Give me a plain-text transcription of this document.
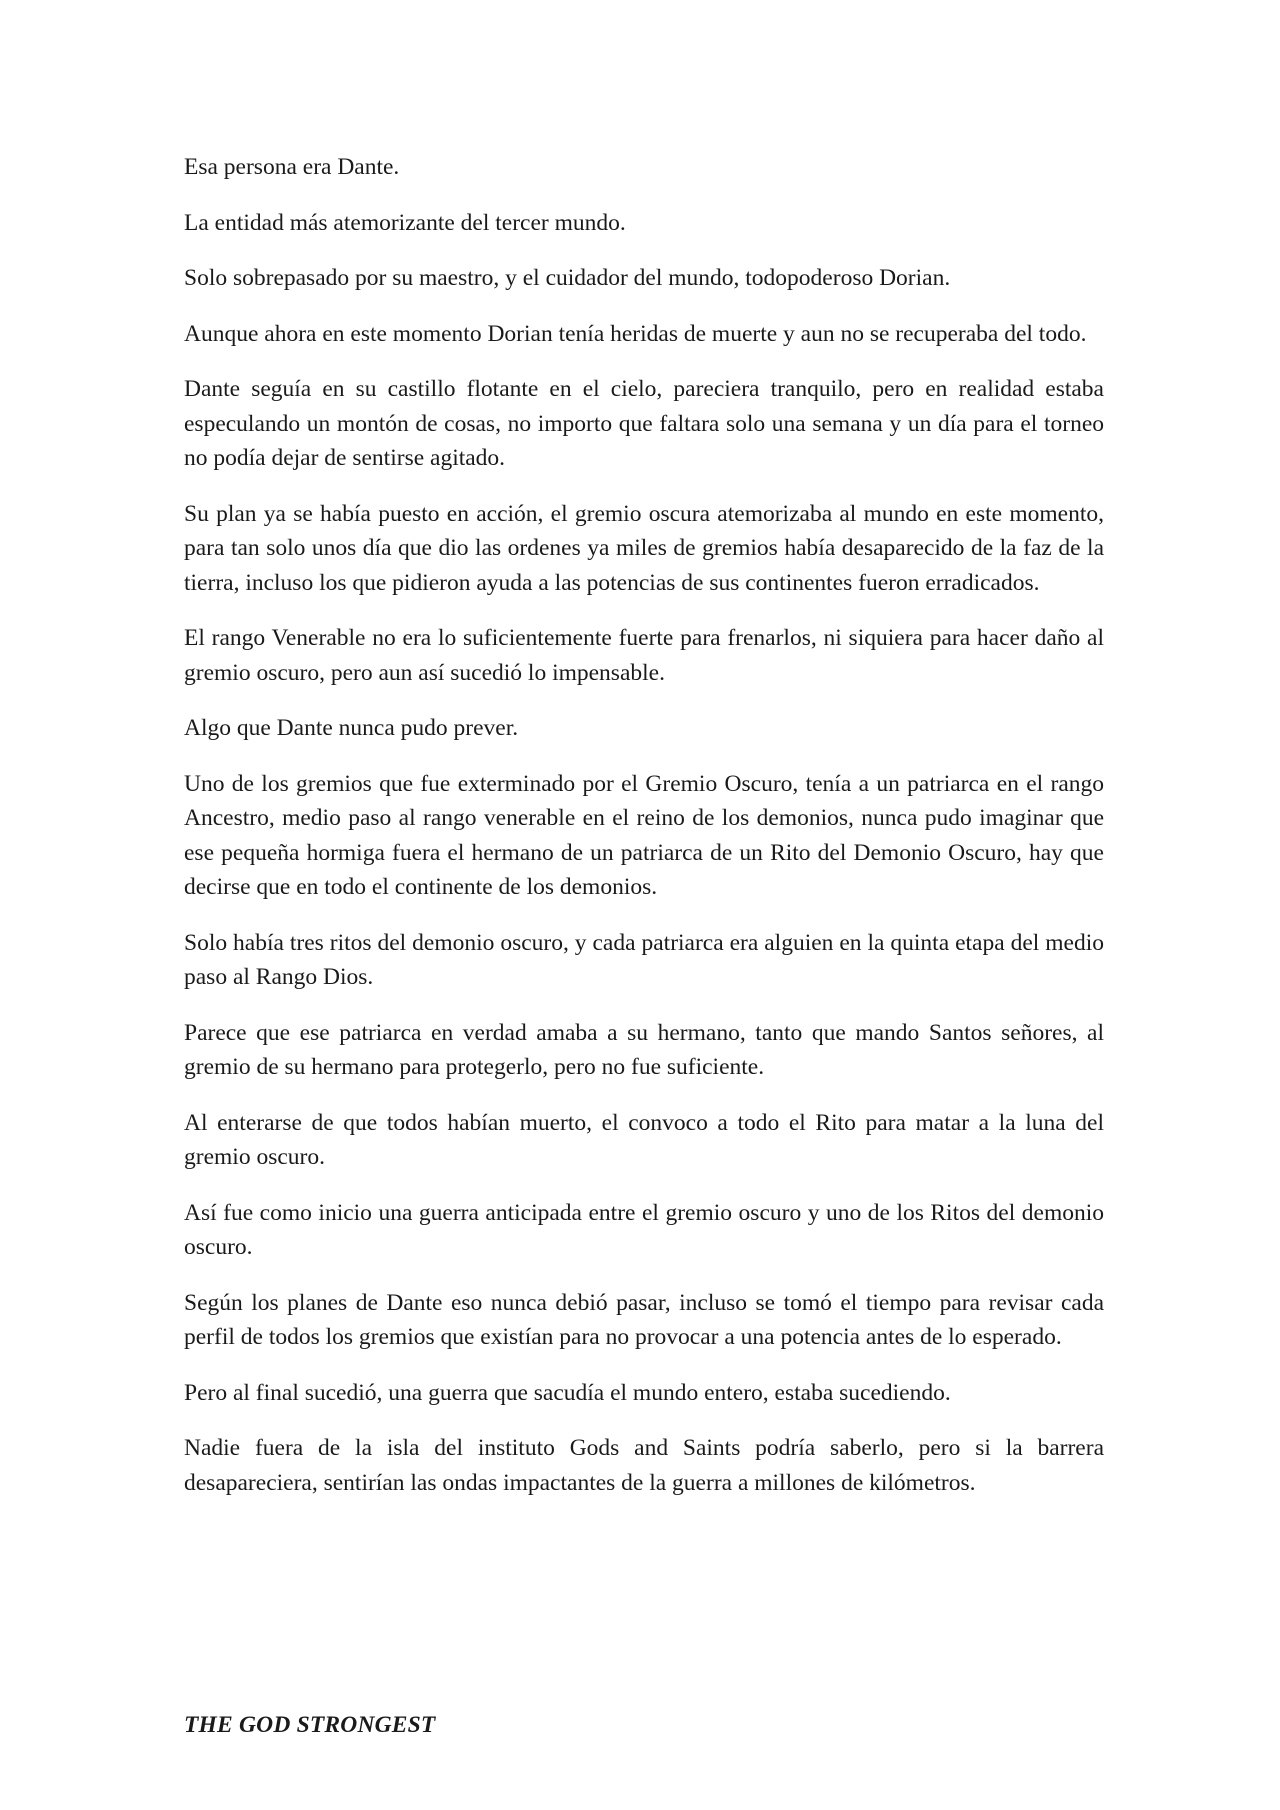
Esa persona era Dante.

La entidad más atemorizante del tercer mundo.

Solo sobrepasado por su maestro, y el cuidador del mundo, todopoderoso Dorian.

Aunque ahora en este momento Dorian tenía heridas de muerte y aun no se recuperaba del todo.

Dante seguía en su castillo flotante en el cielo, pareciera tranquilo, pero en realidad estaba especulando un montón de cosas, no importo que faltara solo una semana y un día para el torneo no podía dejar de sentirse agitado.

Su plan ya se había puesto en acción, el gremio oscura atemorizaba al mundo en este momento, para tan solo unos día que dio las ordenes ya miles de gremios había desaparecido de la faz de la tierra, incluso los que pidieron ayuda a las potencias de sus continentes fueron erradicados.

El rango Venerable no era lo suficientemente fuerte para frenarlos, ni siquiera para hacer daño al gremio oscuro, pero aun así sucedió lo impensable.

Algo que Dante nunca pudo prever.

Uno de los gremios que fue exterminado por el Gremio Oscuro, tenía a un patriarca en el rango Ancestro, medio paso al rango venerable en el reino de los demonios, nunca pudo imaginar que ese pequeña hormiga fuera el hermano de un patriarca de un Rito del Demonio Oscuro, hay que decirse que en todo el continente de los demonios.

Solo había tres ritos del demonio oscuro, y cada patriarca era alguien en la quinta etapa del medio paso al Rango Dios.

Parece que ese patriarca en verdad amaba a su hermano, tanto que mando Santos señores, al gremio de su hermano para protegerlo, pero no fue suficiente.

Al enterarse de que todos habían muerto, el convoco a todo el Rito para matar a la luna del gremio oscuro.

Así fue como inicio una guerra anticipada entre el gremio oscuro y uno de los Ritos del demonio oscuro.

Según los planes de Dante eso nunca debió pasar, incluso se tomó el tiempo para revisar cada perfil de todos los gremios que existían para no provocar a una potencia antes de lo esperado.

Pero al final sucedió, una guerra que sacudía el mundo entero, estaba sucediendo.

Nadie fuera de la isla del instituto Gods and Saints podría saberlo, pero si la barrera desapareciera, sentirían las ondas impactantes de la guerra a millones de kilómetros.

THE GOD STRONGEST
